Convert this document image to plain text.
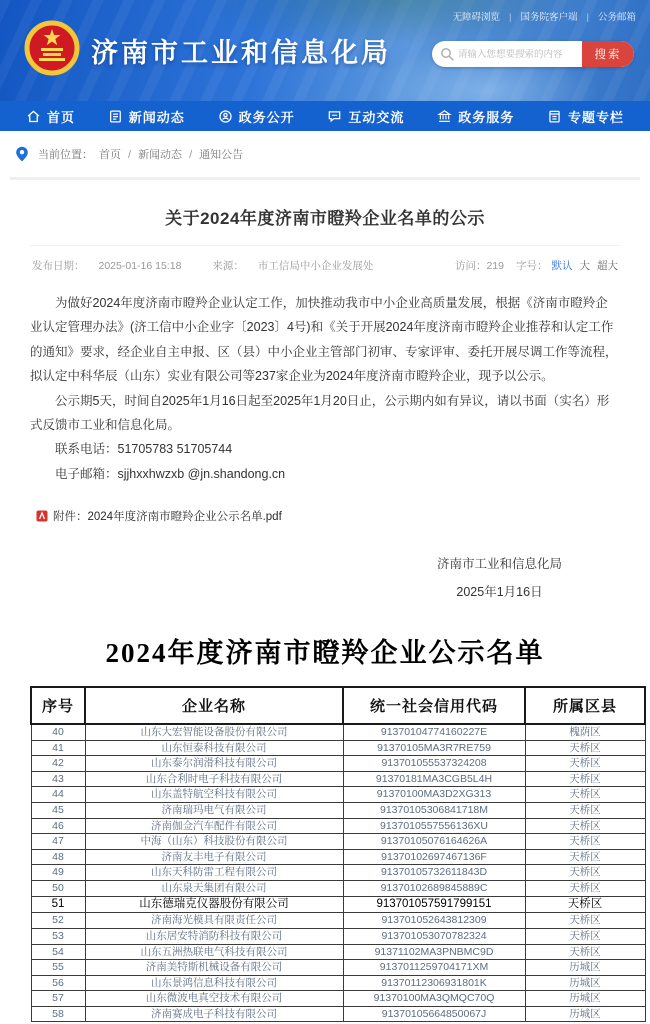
无障碍浏览 |	国务院客户端 |	公务邮箱
济南市工业和信息化局
请输入您想要搜索的内容	搜索
首页	新闻动态	政务公开	互动交流	政务服务	专题专栏
当前位置： 首页 /	新闻动态 /	通知公告
关于2024年度济南市瞪羚企业名单的公示
发布日期： 2025-01-16 15:18	来源： 市工信局中小企业发展处	访问：219 字号： 默认 大 超大

为做好2024年度济南市瞪羚企业认定工作，加快推动我市中小企业高质量发展，根据《济南市瞪羚企业认定管理办法》(济工信中小企业字〔2023〕4号)和《关于开展2024年度济南市瞪羚企业推荐和认定工作的通知》要求，经企业自主申报、区（县）中小企业主管部门初审、专家评审、委托开展尽调工作等流程，拟认定中科华辰（山东）实业有限公司等237家企业为2024年度济南市瞪羚企业，现予以公示。

公示期5天，时间自2025年1月16日起至2025年1月20日止，公示期内如有异议，请以书面（实名）形式反馈市工业和信息化局。

联系电话：51705783 51705744

电子邮箱：sjjhxxhwzxb @jn.shandong.cn

附件： 2024年度济南市瞪羚企业公示名单.pdf
济南市工业和信息化局
2025年1月16日
2024年度济南市瞪羚企业公示名单
序号	企业名称	统一社会信用代码	所属区县
40	山东大宏智能设备股份有限公司	91370104774160227E	槐荫区
41	山东恒泰科技有限公司	91370105MA3R7RE759	天桥区
42	山东泰尔润滑科技有限公司	913701055537324208	天桥区
43	山东合利时电子科技有限公司	91370181MA3CGB5L4H	天桥区
44	山东盖特航空科技有限公司	91370100MA3D2XG313	天桥区
45	济南瑞玛电气有限公司	91370105306841718M	天桥区
46	济南伽佥汽车配件有限公司	9137010557556136XU	天桥区
47	中海（山东）科技股份有限公司	91370105076164626A	天桥区
48	济南友丰电子有限公司	91370102697467136F	天桥区
49	山东天科防雷工程有限公司	91370105732611843D	天桥区
50	山东泉天集团有限公司	91370102689845889C	天桥区
51	山东德瑞克仪器股份有限公司	913701057591799151	天桥区
52	济南海光模具有限责任公司	913701052643812309	天桥区
53	山东居安特消防科技有限公司	913701053070782324	天桥区
54	山东五洲热联电气科技有限公司	91371102MA3PNBMC9D	天桥区
55	济南美特斯机械设备有限公司	9137011259704171XM	历城区
56	山东景鸿信息科技有限公司	91370112306931801K	历城区
57	山东微波电真空技术有限公司	91370100MA3QMQC70Q	历城区
58	济南赛成电子科技有限公司	91370105664850067J	历城区
